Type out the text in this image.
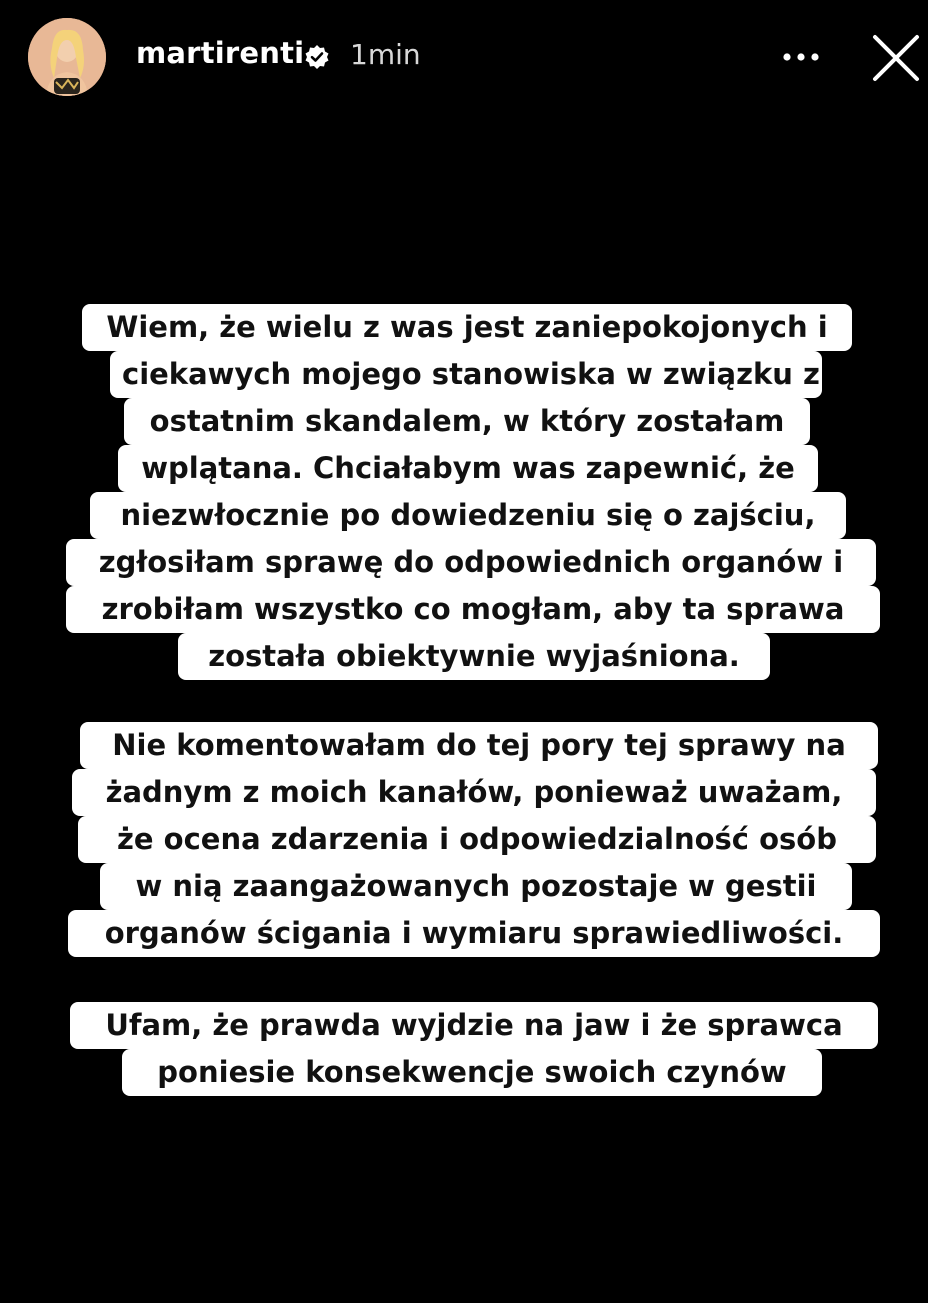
martirenti 1min
Wiem, że wielu z was jest zaniepokojonych i
ciekawych mojego stanowiska w związku z
ostatnim skandalem, w który zostałam
wplątana. Chciałabym was zapewnić, że
niezwłocznie po dowiedzeniu się o zajściu,
zgłosiłam sprawę do odpowiednich organów i
zrobiłam wszystko co mogłam, aby ta sprawa
została obiektywnie wyjaśniona.
Nie komentowałam do tej pory tej sprawy na
żadnym z moich kanałów, ponieważ uważam,
że ocena zdarzenia i odpowiedzialność osób
w nią zaangażowanych pozostaje w gestii
organów ścigania i wymiaru sprawiedliwości.
Ufam, że prawda wyjdzie na jaw i że sprawca
poniesie konsekwencje swoich czynów
